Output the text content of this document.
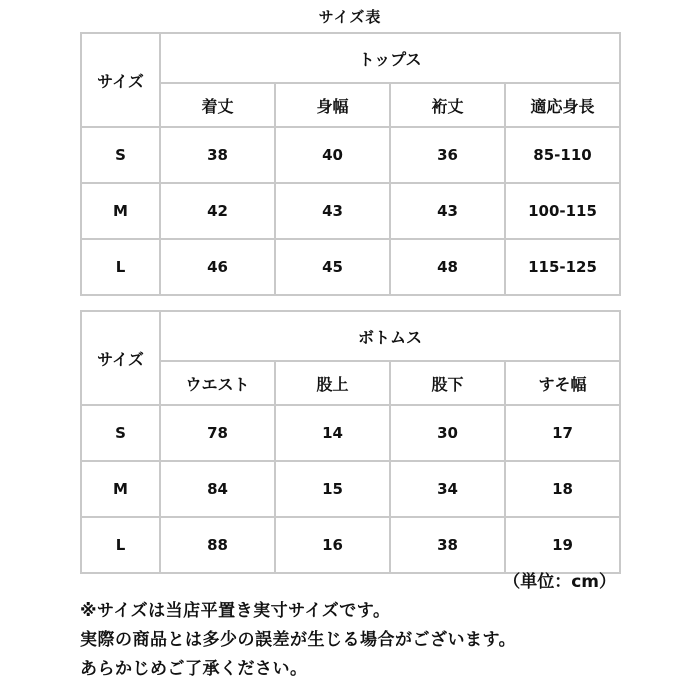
サイズ表
サイズ	トップス			
	着丈	身幅	裄丈	適応身長
S	38	40	36	85-110
M	42	43	43	100-115
L	46	45	48	115-125
サイズ	ボトムス			
	ウエスト	股上	股下	すそ幅
S	78	14	30	17
M	84	15	34	18
L	88	16	38	19
（単位：cm）
※サイズは当店平置き実寸サイズです。
実際の商品とは多少の誤差が生じる場合がございます。
あらかじめご了承ください。
